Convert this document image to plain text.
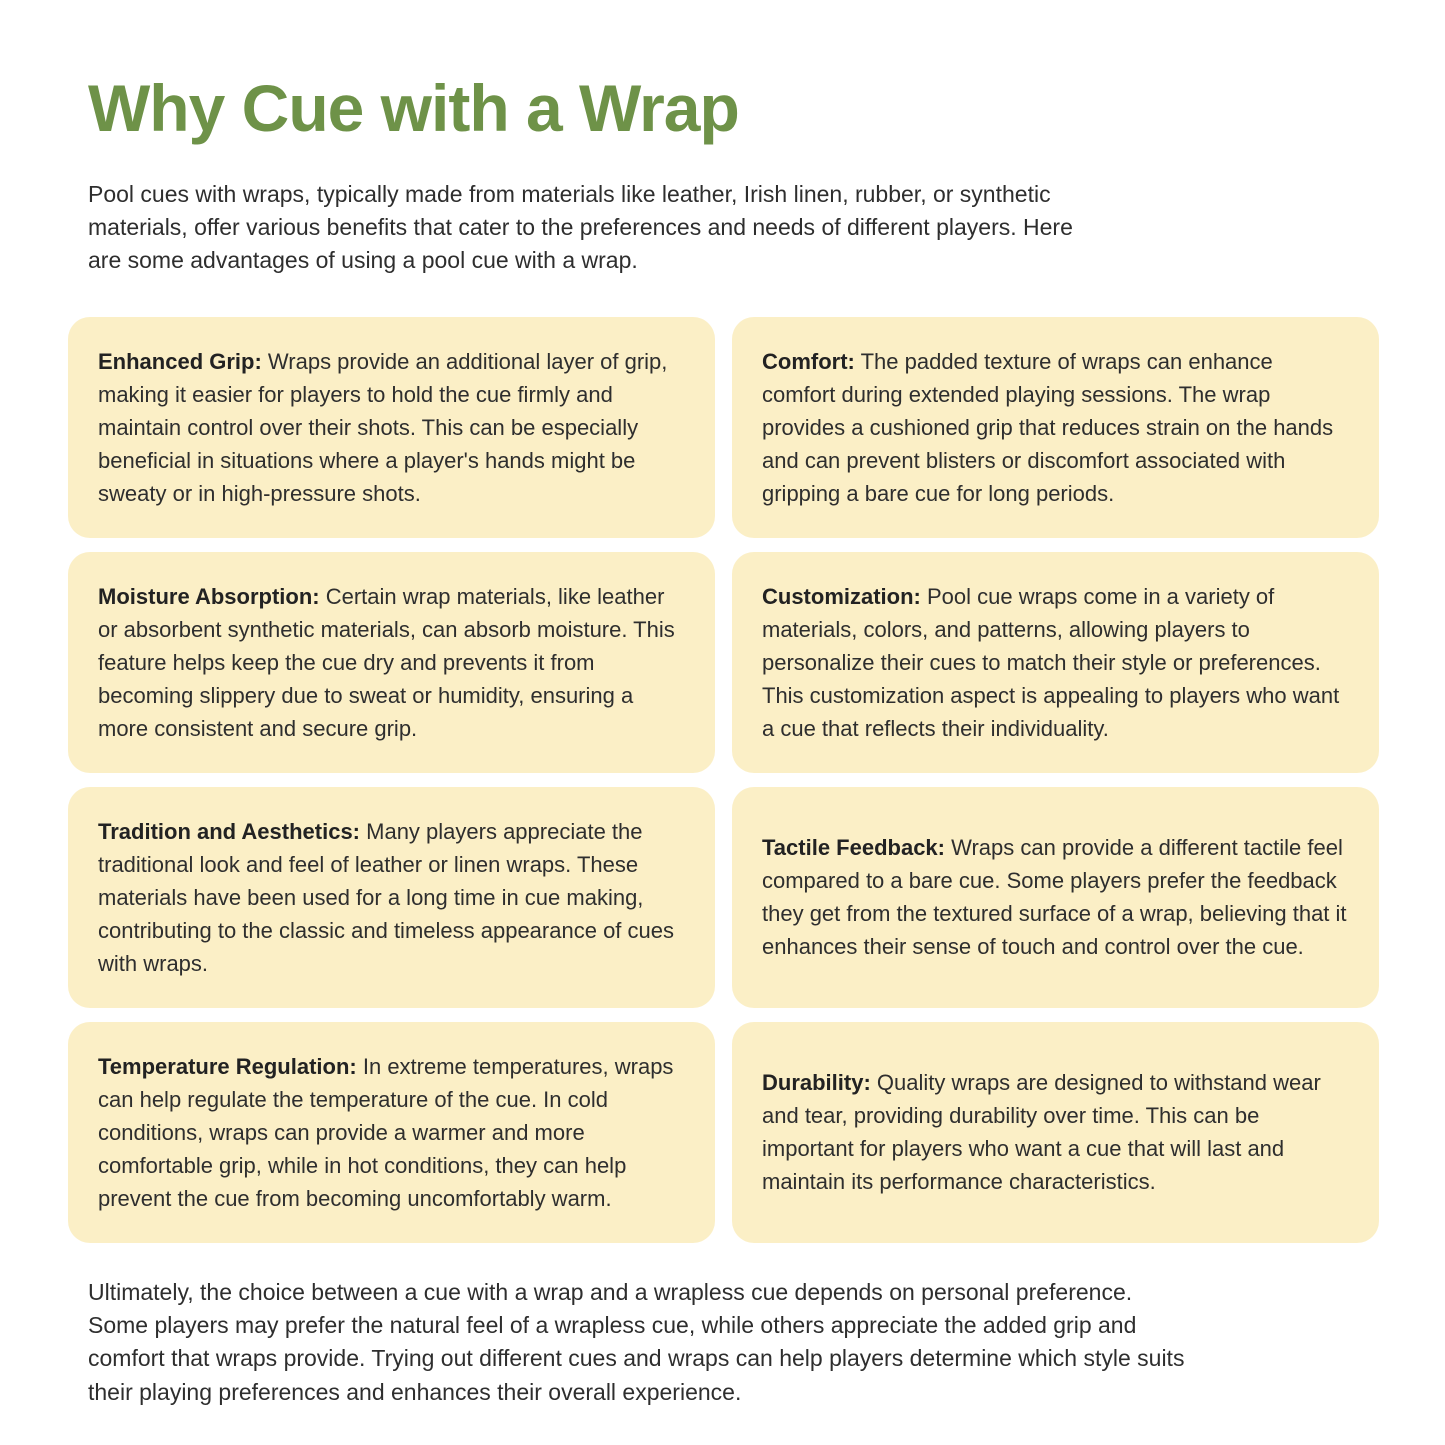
Why Cue with a Wrap

Pool cues with wraps, typically made from materials like leather, Irish linen, rubber, or synthetic materials, offer various benefits that cater to the preferences and needs of different players. Here are some advantages of using a pool cue with a wrap.

Enhanced Grip: Wraps provide an additional layer of grip, making it easier for players to hold the cue firmly and maintain control over their shots. This can be especially beneficial in situations where a player's hands might be sweaty or in high-pressure shots.

Comfort: The padded texture of wraps can enhance comfort during extended playing sessions. The wrap provides a cushioned grip that reduces strain on the hands and can prevent blisters or discomfort associated with gripping a bare cue for long periods.

Moisture Absorption: Certain wrap materials, like leather or absorbent synthetic materials, can absorb moisture. This feature helps keep the cue dry and prevents it from becoming slippery due to sweat or humidity, ensuring a more consistent and secure grip.

Customization: Pool cue wraps come in a variety of materials, colors, and patterns, allowing players to personalize their cues to match their style or preferences. This customization aspect is appealing to players who want a cue that reflects their individuality.

Tradition and Aesthetics: Many players appreciate the traditional look and feel of leather or linen wraps. These materials have been used for a long time in cue making, contributing to the classic and timeless appearance of cues with wraps.

Tactile Feedback: Wraps can provide a different tactile feel compared to a bare cue. Some players prefer the feedback they get from the textured surface of a wrap, believing that it enhances their sense of touch and control over the cue.

Temperature Regulation: In extreme temperatures, wraps can help regulate the temperature of the cue. In cold conditions, wraps can provide a warmer and more comfortable grip, while in hot conditions, they can help prevent the cue from becoming uncomfortably warm.

Durability: Quality wraps are designed to withstand wear and tear, providing durability over time. This can be important for players who want a cue that will last and maintain its performance characteristics.

Ultimately, the choice between a cue with a wrap and a wrapless cue depends on personal preference. Some players may prefer the natural feel of a wrapless cue, while others appreciate the added grip and comfort that wraps provide. Trying out different cues and wraps can help players determine which style suits their playing preferences and enhances their overall experience.
